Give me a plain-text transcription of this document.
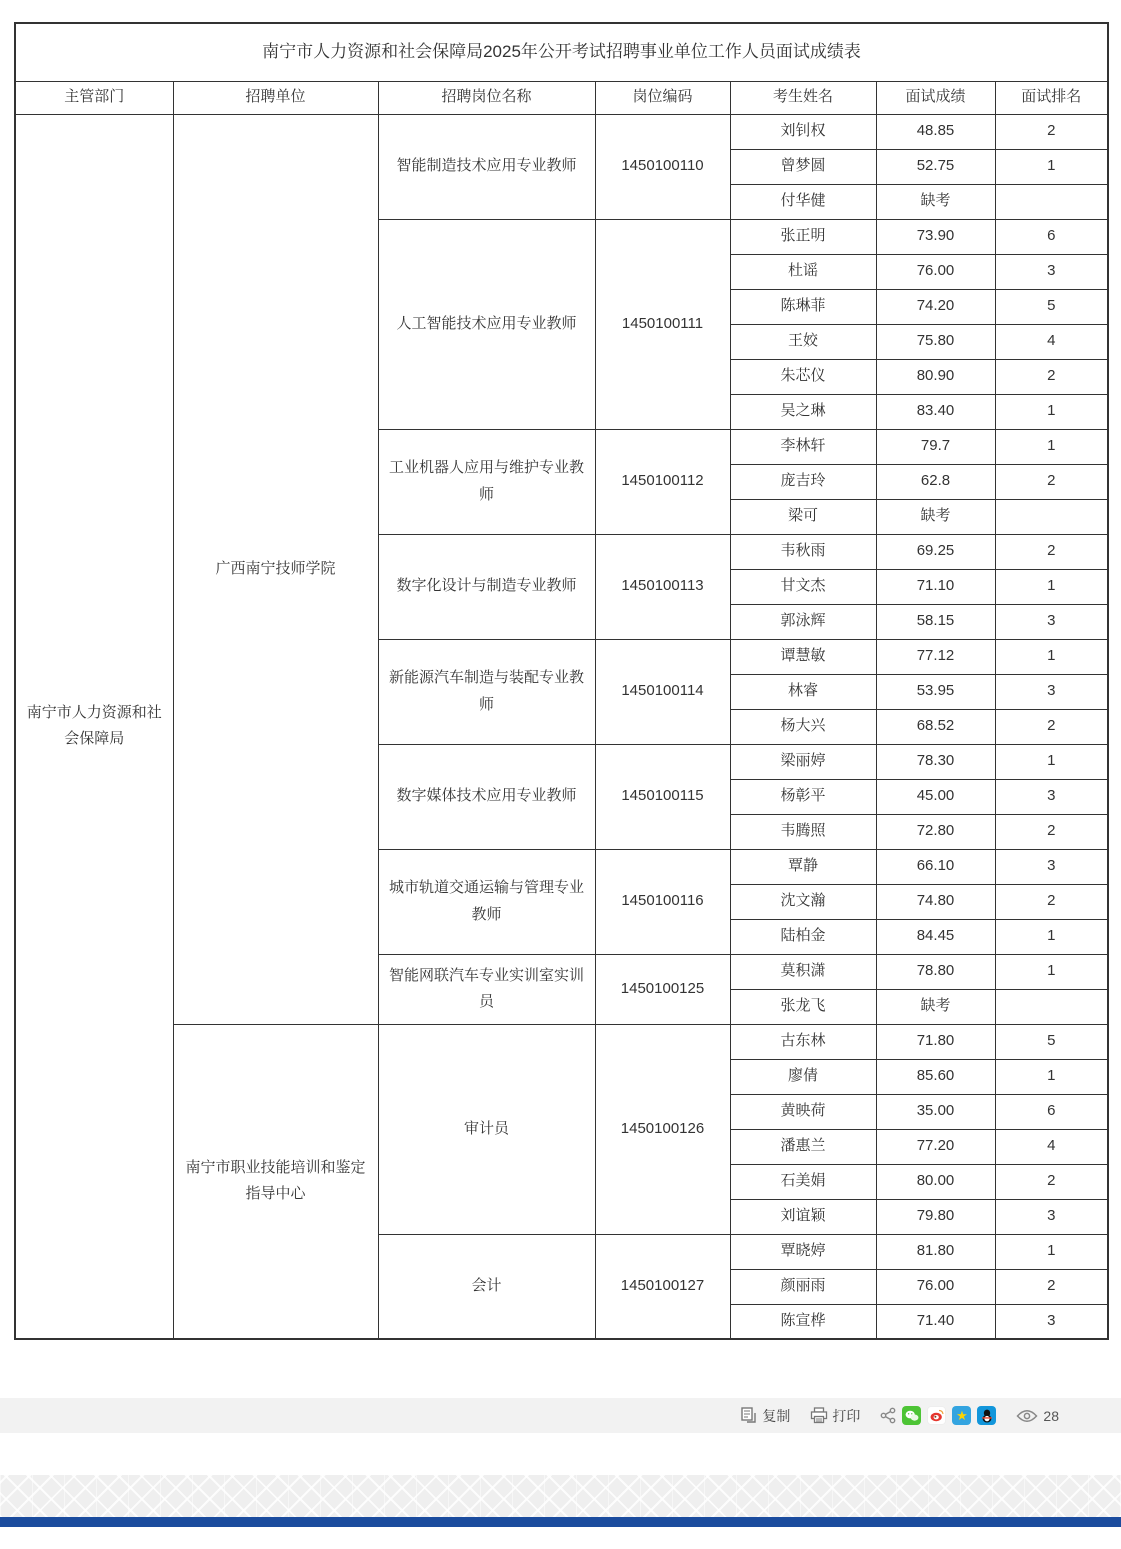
南宁市人力资源和社会保障局2025年公开考试招聘事业单位工作人员面试成绩表						
主管部门	招聘单位	招聘岗位名称	岗位编码	考生姓名	面试成绩	面试排名
南宁市人力资源和社会保障局	广西南宁技师学院	智能制造技术应用专业教师	1450100110	刘钊权	48.85	2
				曾梦圆	52.75	1
				付华健	缺考	
		人工智能技术应用专业教师	1450100111	张正明	73.90	6
				杜谣	76.00	3
				陈琳菲	74.20	5
				王姣	75.80	4
				朱芯仪	80.90	2
				吴之琳	83.40	1
		工业机器人应用与维护专业教师	1450100112	李林轩	79.7	1
				庞吉玲	62.8	2
				梁可	缺考	
		数字化设计与制造专业教师	1450100113	韦秋雨	69.25	2
				甘文杰	71.10	1
				郭泳辉	58.15	3
		新能源汽车制造与装配专业教师	1450100114	谭慧敏	77.12	1
				林睿	53.95	3
				杨大兴	68.52	2
		数字媒体技术应用专业教师	1450100115	梁丽婷	78.30	1
				杨彰平	45.00	3
				韦腾照	72.80	2
		城市轨道交通运输与管理专业教师	1450100116	覃静	66.10	3
				沈文瀚	74.80	2
				陆柏金	84.45	1
		智能网联汽车专业实训室实训员	1450100125	莫积潇	78.80	1
				张龙飞	缺考	
	南宁市职业技能培训和鉴定指导中心	审计员	1450100126	古东林	71.80	5
				廖倩	85.60	1
				黄映荷	35.00	6
				潘惠兰	77.20	4
				石美娟	80.00	2
				刘谊颖	79.80	3
		会计	1450100127	覃晓婷	81.80	1
				颜丽雨	76.00	2
				陈宣桦	71.40	3
复制	打印	★	28
